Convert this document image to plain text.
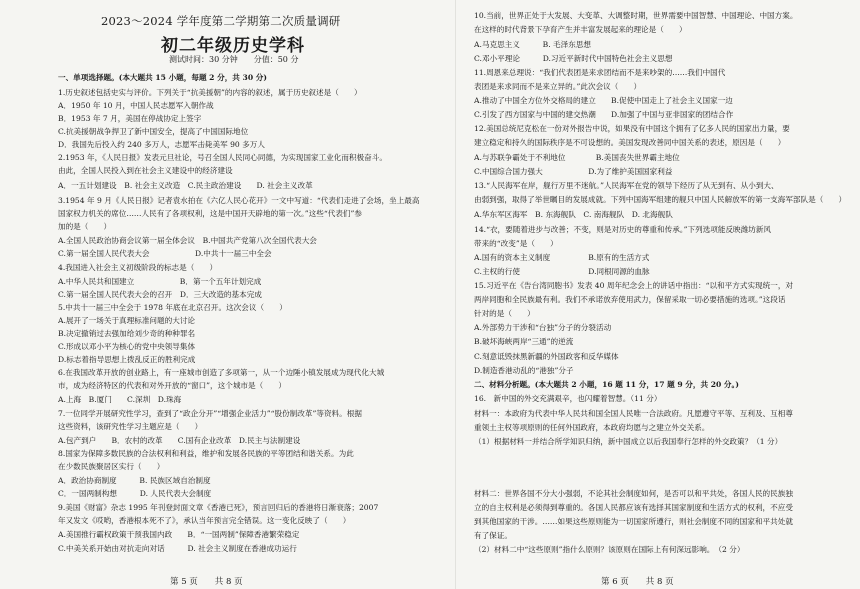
2023～2024 学年度第二学期第二次质量调研
初二年级历史学科
测试时间：30 分钟　　分值：50 分
一、单项选择题。(本大题共 15 小题，每题 2 分，共 30 分)
1.历史叙述包括史实与评价。下列关于“抗美援朝”的内容的叙述，属于历史叙述是（　　）
A．1950 年 10 月，中国人民志愿军入朝作战
B．1953 年 7 月，美国在停战协定上签字
C.抗美援朝战争捍卫了新中国安全，提高了中国国际地位
D．我国先后投入约 240 多万人，志愿军击毙美军 90 多万人
2.1953 年，《人民日报》发表元旦社论，号召全国人民同心同德，为实现国家工业化而积极奋斗。
由此，全国人民投入到在社会主义建设中的经济建设
A．一五计划建设　B. 社会主义改造　C.民主政治建设　　D. 社会主义改革
3.1954 年 9 月《人民日报》记者袁水拍在《六亿人民心花开》一文中写道：“代表们走进了会场，坐上最高
国家权力机关的席位……人民有了各项权利，这是中国开天辟地的第一次。”这些“代表们”参
加的是（　　）
A.全国人民政治协商会议第一届全体会议　B.中国共产党第八次全国代表大会
C.第一届全国人民代表大会　　　　　　D.中共十一届三中全会
4.我国进入社会主义初级阶段的标志是（　　）
A.中华人民共和国建立　　　　　　B．第一个五年计划完成
C.第一届全国人民代表大会的召开　D．三大改造的基本完成
5.中共十一届三中全会于 1978 年底在北京召开。这次会议（　　）
A.展开了一场关于真理标准问题的大讨论
B.决定撤销过去强加给刘少奇的种种罪名
C.形成以邓小平为核心的党中央领导集体
D.标志着指导思想上拨乱反正的胜利完成
6.在我国改革开放的创业路上，有一座城市创造了多项第一，从一个边陲小镇发展成为现代化大城
市，成为经济特区的代表和对外开放的“窗口”，这个城市是（　　）
A.上海　B.厦门　　C.深圳　D.珠海
7.一位同学开展研究性学习，查到了“政企分开”“增强企业活力”“股份制改革”等资料。根据
这些资料，该研究性学习主题应是（　　）
A.包产到户　　B．农村的改革　　C.国有企业改革　D.民主与法制建设
8.国家为保障多数民族的合法权利和利益，维护和发展各民族的平等团结和谐关系。为此
在少数民族聚居区实行（　　）
A．政治协商制度　　　B. 民族区域自治制度
C．一国两制构想　　　D. 人民代表大会制度
9.美国《财富》杂志 1995 年刊登封面文章《香港已死》，预言回归后的香港将日渐衰落；2007
年又发文《哎哟，香港根本死不了》，承认当年预言完全错误。这一变化反映了（　　）
A.美国推行霸权政策干预我国内政　　B．“一国两制”保障香港繁荣稳定
C.中美关系开始由对抗走向对话　　　D. 社会主义制度在香港成功运行
第 5 页　　共 8 页
10.当前，世界正处于大发展、大变革、大调整时期，世界需要中国智慧、中国理论、中国方案。
在这样的时代背景下孕育产生并丰富发展起来的理论是（　　）
A.马克思主义　　　B. 毛泽东思想
C.邓小平理论　　　D.习近平新时代中国特色社会主义思想
11.周恩来总理说：“我们代表团是来求团结而不是来吵架的……我们中国代
表团是来求同而不是来立异的。”此次会议（　　）
A.推动了中国全方位外交格局的建立　　B.促使中国走上了社会主义国家一边
C.引发了西方国家与中国的建交热潮　　D.加强了中国与亚非国家的团结合作
12.美国总统尼克松在一份对外报告中说，如果没有中国这个拥有了亿多人民的国家出力量，要
建立稳定和持久的国际秩序是不可设想的。美国发现改善同中国关系的表述，原因是（　　）
A.与苏联争霸处于不利地位　　　　B.美国丧失世界霸主地位
C.中国综合国力强大　　　　　　D.为了维护美国国家利益
13.“人民海军在岸，舰行万里不迷航。”人民海军在党的领导下经历了从无到有、从小到大、
由弱到强，取得了举世瞩目的发展成就。下列中国海军组建的舰只中国人民解放军的第一支海军部队是（　　）
A.华东军区海军　B. 东海舰队　C. 南海舰队　D. 北海舰队
14.“衣，要随着进步与改善；不变，则是对历史的尊重和传承。”下列选项能反映潍坊新风
带来的“改变”是（　　）
A.国有的资本主义制度　　　　　B.原有的生活方式
C.主权的行使　　　　　　　　　D.同根同源的血脉
15.习近平在《告台湾同胞书》发表 40 周年纪念会上的讲话中指出：“以和平方式实现统一，对
两岸同胞和全民族最有利。我们不承诺放弃使用武力，保留采取一切必要措施的选项。”这段话
针对的是（　　）
A.外部势力干涉和“台独”分子的分裂活动
B.破坏海峡两岸“三通”的逆流
C.刻意诋毁抹黑新疆的外国政客和反华媒体
D.制造香港动乱的“港独”分子
二、材料分析题。(本大题共 2 小题，16 题 11 分，17 题 9 分，共 20 分。)
16.　新中国的外交充满艰辛，也闪耀着智慧。（11 分）
材料一：本政府为代表中华人民共和国全国人民唯一合法政府。凡愿遵守平等、互利及、互相尊
重领土主权等项原则的任何外国政府，本政府均愿与之建立外交关系。
（1）根据材料一并结合所学知识归纳，新中国成立以后我国奉行怎样的外交政策？（1 分）
材料二：世界各国不分大小强弱，不论其社会制度如何，是否可以和平共处，各国人民的民族独
立的自主权利是必须得到尊重的。各国人民都应该有选择其国家制度和生活方式的权利，不应受
到其他国家的干涉。……如果这些原则能为一切国家所遵行，则社会制度不同的国家和平共处就
有了保证。
（2）材料二中“这些原则”指什么原则？该原则在国际上有何深远影响。　（2 分）
第 6 页　　共 8 页
